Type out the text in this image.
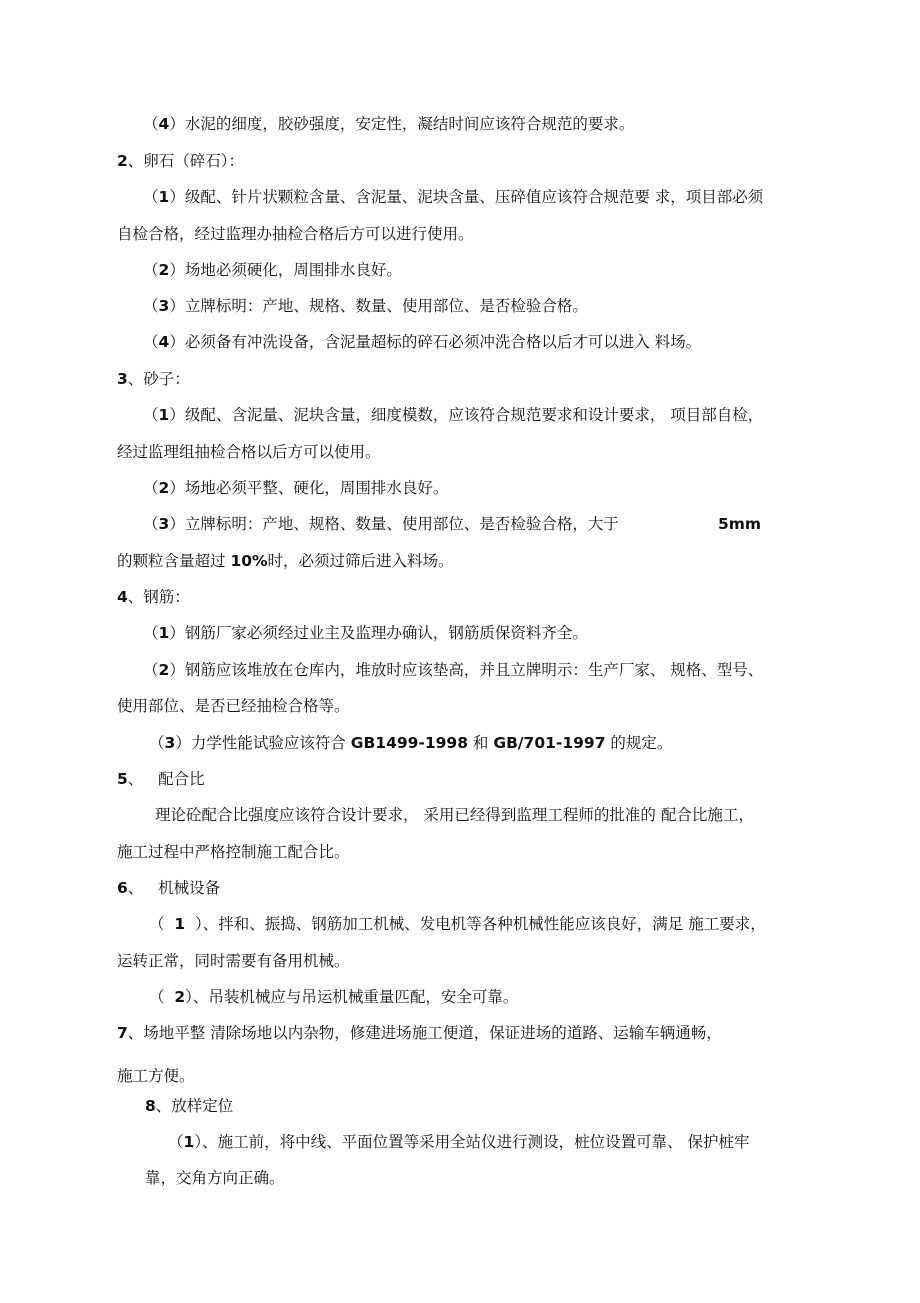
（4）水泥的细度，胶砂强度，安定性，凝结时间应该符合规范的要求。

2、卵石（碎石）：

（1）级配、针片状颗粒含量、含泥量、泥块含量、压碎值应该符合规范要 求，项目部必须

自检合格，经过监理办抽检合格后方可以进行使用。

（2）场地必须硬化，周围排水良好。

（3）立牌标明：产地、规格、数量、使用部位、是否检验合格。

（4）必须备有冲洗设备，含泥量超标的碎石必须冲洗合格以后才可以进入 料场。

3、砂子：

（1）级配、含泥量、泥块含量，细度模数，应该符合规范要求和设计要求， 项目部自检，

经过监理组抽检合格以后方可以使用。

（2）场地必须平整、硬化，周围排水良好。

（3）立牌标明：产地、规格、数量、使用部位、是否检验合格，大于	5mm

的颗粒含量超过 10%时，必须过筛后进入料场。

4、钢筋：

（1）钢筋厂家必须经过业主及监理办确认，钢筋质保资料齐全。

（2）钢筋应该堆放在仓库内，堆放时应该垫高，并且立牌明示：生产厂家、 规格、型号、

使用部位、是否已经抽检合格等。

（3）力学性能试验应该符合 GB1499-1998 和 GB/701-1997 的规定。

5、   配合比

理论砼配合比强度应该符合设计要求， 采用已经得到监理工程师的批准的 配合比施工，

施工过程中严格控制施工配合比。

6、   机械设备

（  1  ）、拌和、振捣、钢筋加工机械、发电机等各种机械性能应该良好，满足 施工要求，

运转正常，同时需要有备用机械。

（  2）、吊装机械应与吊运机械重量匹配，安全可靠。

7、场地平整 清除场地以内杂物，修建进场施工便道，保证进场的道路、运输车辆通畅，

施工方便。

8、放样定位

（1）、施工前，将中线、平面位置等采用全站仪进行测设，桩位设置可靠、 保护桩牢

靠，交角方向正确。
